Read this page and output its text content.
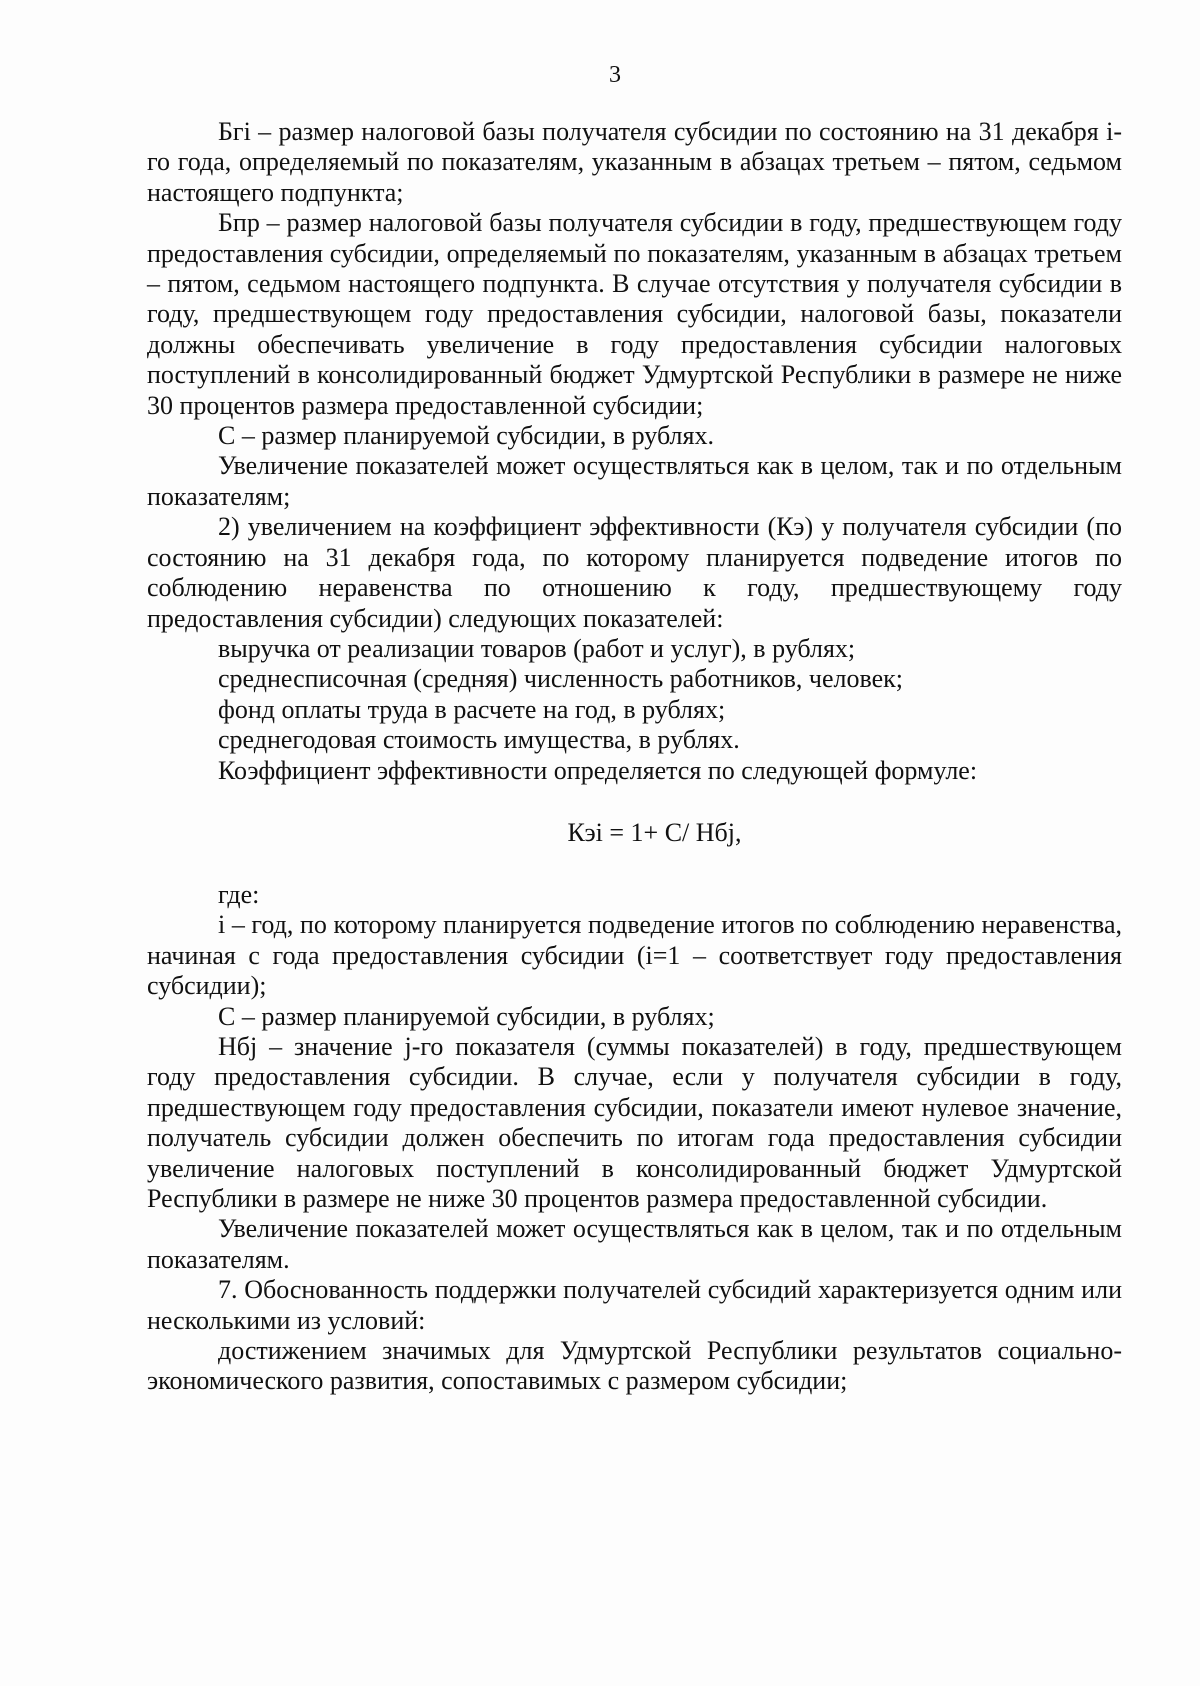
3

Бгi – размер налоговой базы получателя субсидии по состоянию на 31 декабря i-го года, определяемый по показателям, указанным в абзацах третьем – пятом, седьмом настоящего подпункта;

Бпр – размер налоговой базы получателя субсидии в году, предшествующем году предоставления субсидии, определяемый по показателям, указанным в абзацах третьем – пятом, седьмом настоящего подпункта. В случае отсутствия у получателя субсидии в году, предшествующем году предоставления субсидии, налоговой базы, показатели должны обеспечивать увеличение в году предоставления субсидии налоговых поступлений в консолидированный бюджет Удмуртской Республики в размере не ниже 30 процентов размера предоставленной субсидии;

С – размер планируемой субсидии, в рублях.

Увеличение показателей может осуществляться как в целом, так и по отдельным показателям;

2) увеличением на коэффициент эффективности (Кэ) у получателя субсидии (по состоянию на 31 декабря года, по которому планируется подведение итогов по соблюдению неравенства по отношению к году, предшествующему году предоставления субсидии) следующих показателей:

выручка от реализации товаров (работ и услуг), в рублях;

среднесписочная (средняя) численность работников, человек;

фонд оплаты труда в расчете на год, в рублях;

среднегодовая стоимость имущества, в рублях.

Коэффициент эффективности определяется по следующей формуле:

Кэi = 1+ С/ Нбj,

где:

i – год, по которому планируется подведение итогов по соблюдению неравенства, начиная с года предоставления субсидии (i=1 – соответствует году предоставления субсидии);

С – размер планируемой субсидии, в рублях;

Нбj – значение j-го показателя (суммы показателей) в году, предшествующем году предоставления субсидии. В случае, если у получателя субсидии в году, предшествующем году предоставления субсидии, показатели имеют нулевое значение, получатель субсидии должен обеспечить по итогам года предоставления субсидии увеличение налоговых поступлений в консолидированный бюджет Удмуртской Республики в размере не ниже 30 процентов размера предоставленной субсидии.

Увеличение показателей может осуществляться как в целом, так и по отдельным показателям.

7. Обоснованность поддержки получателей субсидий характеризуется одним или несколькими из условий:

достижением значимых для Удмуртской Республики результатов социально-экономического развития, сопоставимых с размером субсидии;
